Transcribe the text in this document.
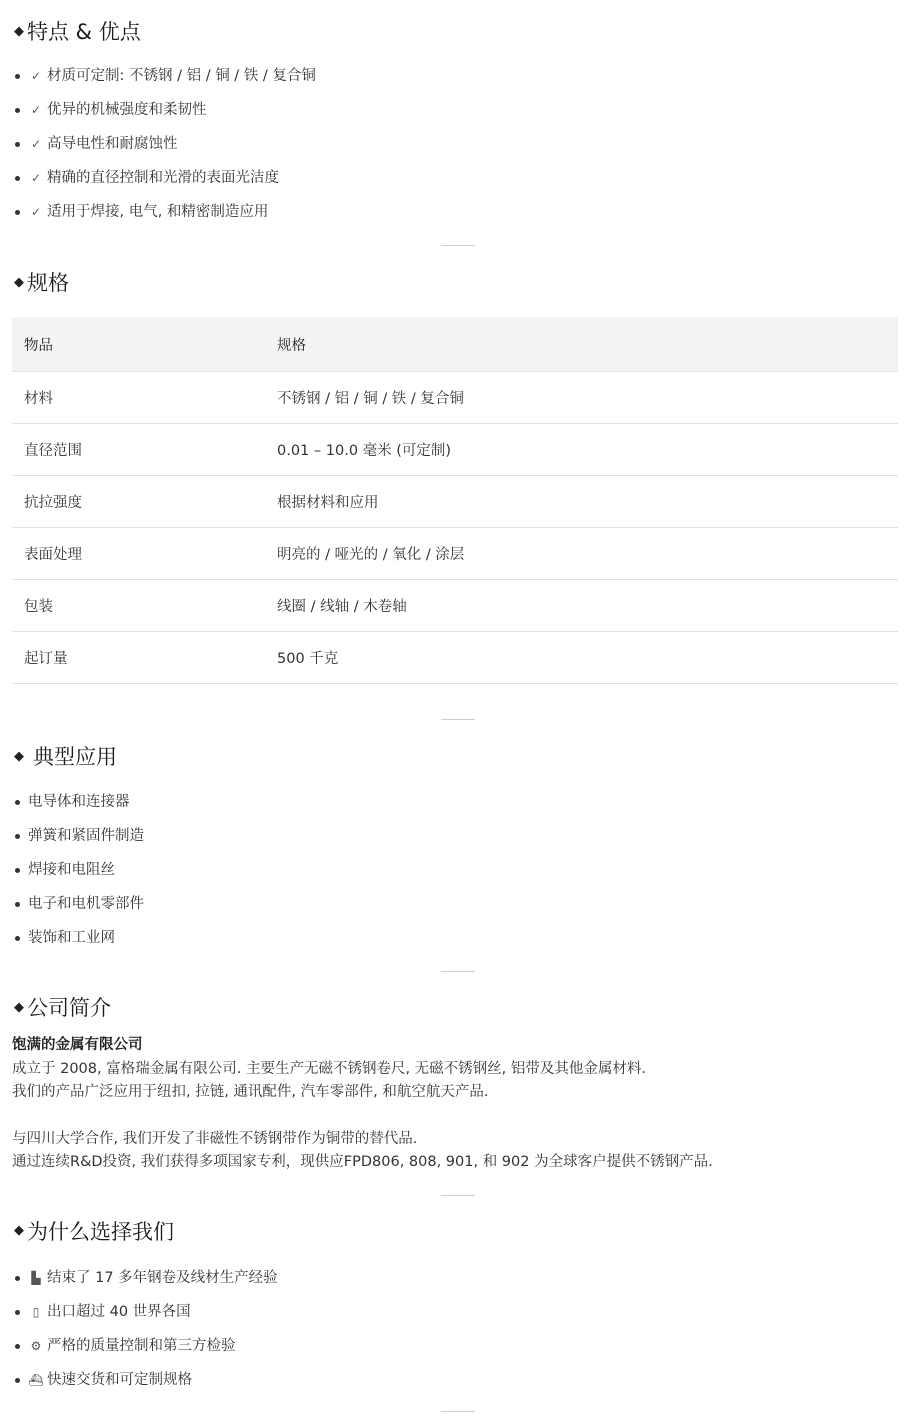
◆ 特点 & 优点
✓ 材质可定制: 不锈钢 / 铝 / 铜 / 铁 / 复合铜
✓ 优异的机械强度和柔韧性
✓ 高导电性和耐腐蚀性
✓ 精确的直径控制和光滑的表面光洁度
✓ 适用于焊接, 电气, 和精密制造应用
◆ 规格
物品	规格
材料	不锈钢 / 铝 / 铜 / 铁 / 复合铜
直径范围	0.01 – 10.0 毫米 (可定制)
抗拉强度	根据材料和应用
表面处理	明亮的 / 哑光的 / 氧化 / 涂层
包装	线圈 / 线轴 / 木卷轴
起订量	500 千克
◆ 典型应用
电导体和连接器
弹簧和紧固件制造
焊接和电阻丝
电子和电机零部件
装饰和工业网
◆ 公司简介

饱满的金属有限公司

成立于 2008, 富格瑞金属有限公司. 主要生产无磁不锈钢卷尺, 无磁不锈钢丝, 铝带及其他金属材料.

我们的产品广泛应用于纽扣, 拉链, 通讯配件, 汽车零部件, 和航空航天产品.

与四川大学合作, 我们开发了非磁性不锈钢带作为铜带的替代品.

通过连续R&D投资, 我们获得多项国家专利，现供应FPD806, 808, 901, 和 902 为全球客户提供不锈钢产品.

◆ 为什么选择我们
▙ 结束了 17 多年钢卷及线材生产经验
▯ 出口超过 40 世界各国
⚙ 严格的质量控制和第三方检验
⛴ 快速交货和可定制规格
